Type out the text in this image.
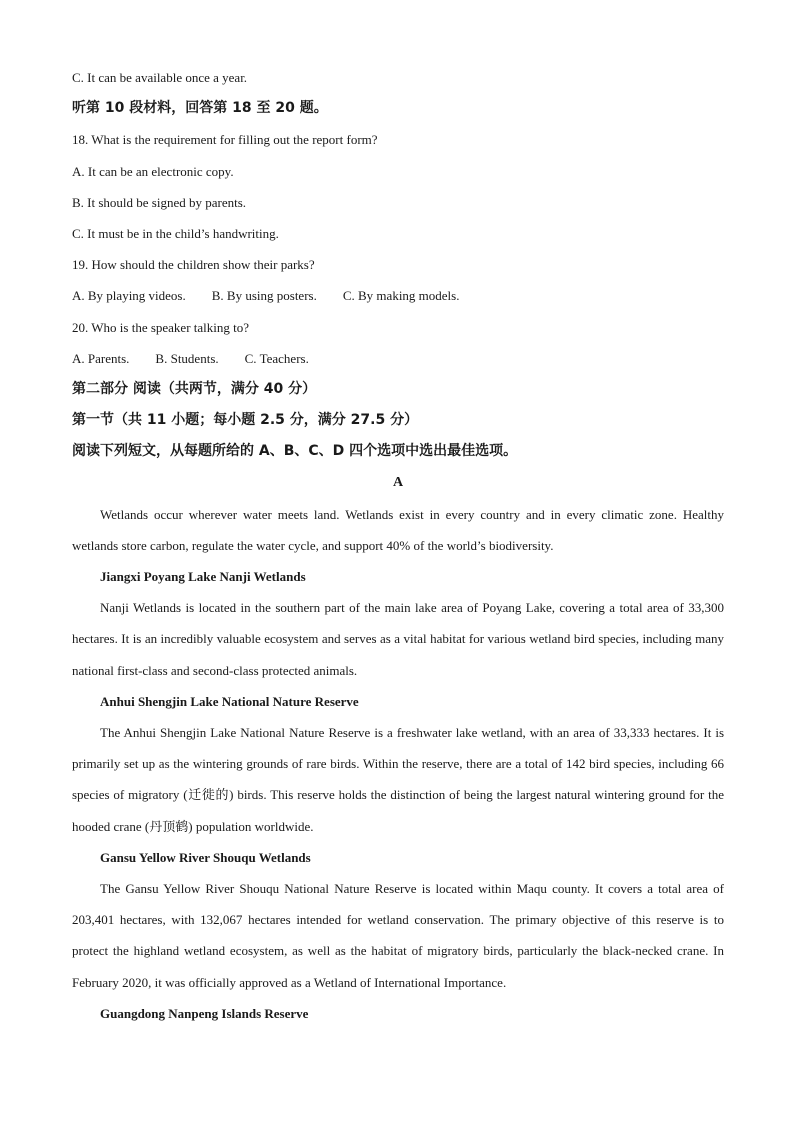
C. It can be available once a year.
听第 10 段材料，回答第 18 至 20 题。
18. What is the requirement for filling out the report form?
A. It can be an electronic copy.
B. It should be signed by parents.
C. It must be in the child’s handwriting.
19. How should the children show their parks?
A. By playing videos. B. By using posters. C. By making models.
20. Who is the speaker talking to?
A. Parents. B. Students. C. Teachers.
第二部分 阅读（共两节，满分 40 分）
第一节（共 11 小题；每小题 2.5 分，满分 27.5 分）
阅读下列短文，从每题所给的 A、B、C、D 四个选项中选出最佳选项。
A

Wetlands occur wherever water meets land. Wetlands exist in every country and in every climatic zone. Healthy wetlands store carbon, regulate the water cycle, and support 40% of the world’s biodiversity.

Jiangxi Poyang Lake Nanji Wetlands

Nanji Wetlands is located in the southern part of the main lake area of Poyang Lake, covering a total area of 33,300 hectares. It is an incredibly valuable ecosystem and serves as a vital habitat for various wetland bird species, including many national first-class and second-class protected animals.

Anhui Shengjin Lake National Nature Reserve

The Anhui Shengjin Lake National Nature Reserve is a freshwater lake wetland, with an area of 33,333 hectares. It is primarily set up as the wintering grounds of rare birds. Within the reserve, there are a total of 142 bird species, including 66 species of migratory (迁徙的) birds. This reserve holds the distinction of being the largest natural wintering ground for the hooded crane (丹顶鹤) population worldwide.

Gansu Yellow River Shouqu Wetlands

The Gansu Yellow River Shouqu National Nature Reserve is located within Maqu county. It covers a total area of 203,401 hectares, with 132,067 hectares intended for wetland conservation. The primary objective of this reserve is to protect the highland wetland ecosystem, as well as the habitat of migratory birds, particularly the black-necked crane. In February 2020, it was officially approved as a Wetland of International Importance.

Guangdong Nanpeng Islands Reserve
